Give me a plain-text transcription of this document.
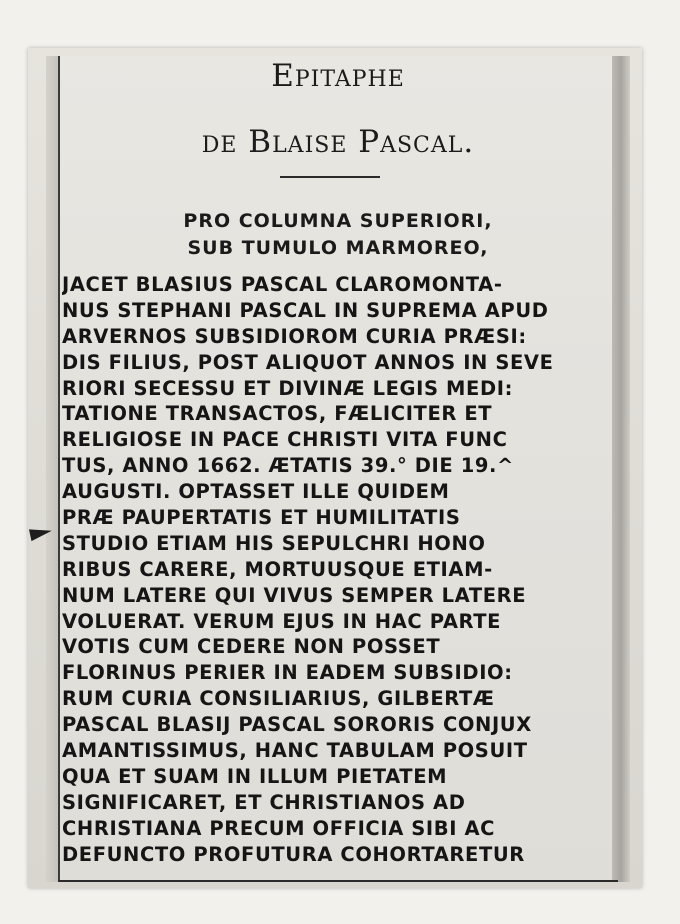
Epitaphe
de Blaise Pascal.
PRO COLUMNA SUPERIORI,
SUB TUMULO MARMOREO,
JACET BLASIUS PASCAL CLAROMONTA-
NUS STEPHANI PASCAL IN SUPREMA APUD
ARVERNOS SUBSIDIOROM CURIA PRÆSI:
DIS FILIUS, POST ALIQUOT ANNOS IN SEVE
RIORI SECESSU ET DIVINÆ LEGIS MEDI:
TATIONE TRANSACTOS, FÆLICITER ET
RELIGIOSE IN PACE CHRISTI VITA FUNC
TUS, ANNO 1662. ÆTATIS 39.° DIE 19.^
AUGUSTI. OPTASSET ILLE QUIDEM
PRÆ PAUPERTATIS ET HUMILITATIS
STUDIO ETIAM HIS SEPULCHRI HONO
RIBUS CARERE, MORTUUSQUE ETIAM-
NUM LATERE QUI VIVUS SEMPER LATERE
VOLUERAT. VERUM EJUS IN HAC PARTE
VOTIS CUM CEDERE NON POSSET
FLORINUS PERIER IN EADEM SUBSIDIO:
RUM CURIA CONSILIARIUS, GILBERTÆ
PASCAL BLASIJ PASCAL SORORIS CONJUX
AMANTISSIMUS, HANC TABULAM POSUIT
QUA ET SUAM IN ILLUM PIETATEM
SIGNIFICARET, ET CHRISTIANOS AD
CHRISTIANA PRECUM OFFICIA SIBI AC
DEFUNCTO PROFUTURA COHORTARETUR
